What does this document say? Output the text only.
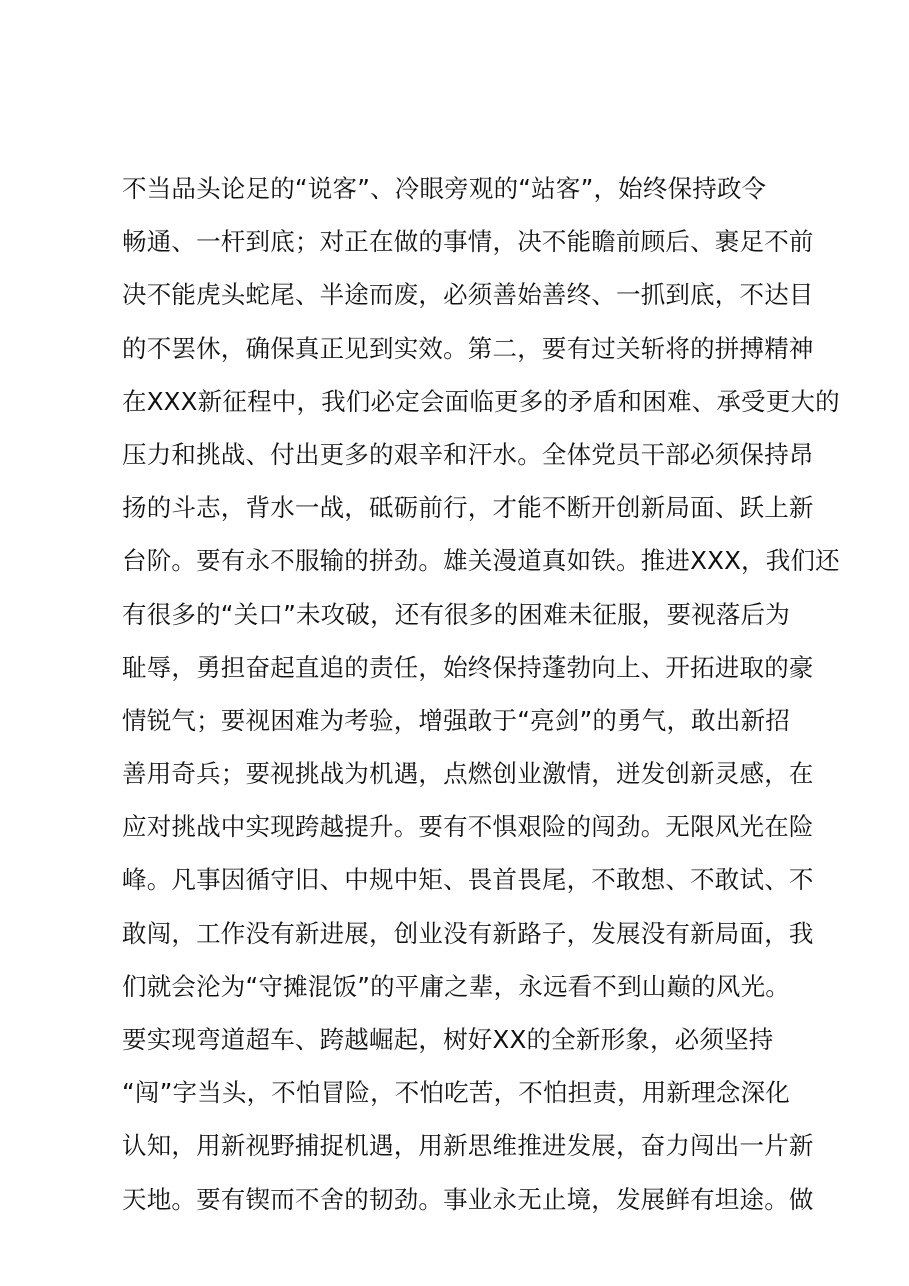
不当品头论足的“说客”、冷眼旁观的“站客”，始终保持政令
畅通、一杆到底；对正在做的事情，决不能瞻前顾后、裹足不前
决不能虎头蛇尾、半途而废，必须善始善终、一抓到底，不达目
的不罢休，确保真正见到实效。第二，要有过关斩将的拼搏精神
在XXX新征程中，我们必定会面临更多的矛盾和困难、承受更大的
压力和挑战、付出更多的艰辛和汗水。全体党员干部必须保持昂
扬的斗志，背水一战，砥砺前行，才能不断开创新局面、跃上新
台阶。要有永不服输的拼劲。雄关漫道真如铁。推进XXX，我们还
有很多的“关口”未攻破，还有很多的困难未征服，要视落后为
耻辱，勇担奋起直追的责任，始终保持蓬勃向上、开拓进取的豪
情锐气；要视困难为考验，增强敢于“亮剑”的勇气，敢出新招
善用奇兵；要视挑战为机遇，点燃创业激情，迸发创新灵感，在
应对挑战中实现跨越提升。要有不惧艰险的闯劲。无限风光在险
峰。凡事因循守旧、中规中矩、畏首畏尾，不敢想、不敢试、不
敢闯，工作没有新进展，创业没有新路子，发展没有新局面，我
们就会沦为“守摊混饭”的平庸之辈，永远看不到山巅的风光。
要实现弯道超车、跨越崛起，树好XX的全新形象，必须坚持
“闯”字当头，不怕冒险，不怕吃苦，不怕担责，用新理念深化
认知，用新视野捕捉机遇，用新思维推进发展，奋力闯出一片新
天地。要有锲而不舍的韧劲。事业永无止境，发展鲜有坦途。做
